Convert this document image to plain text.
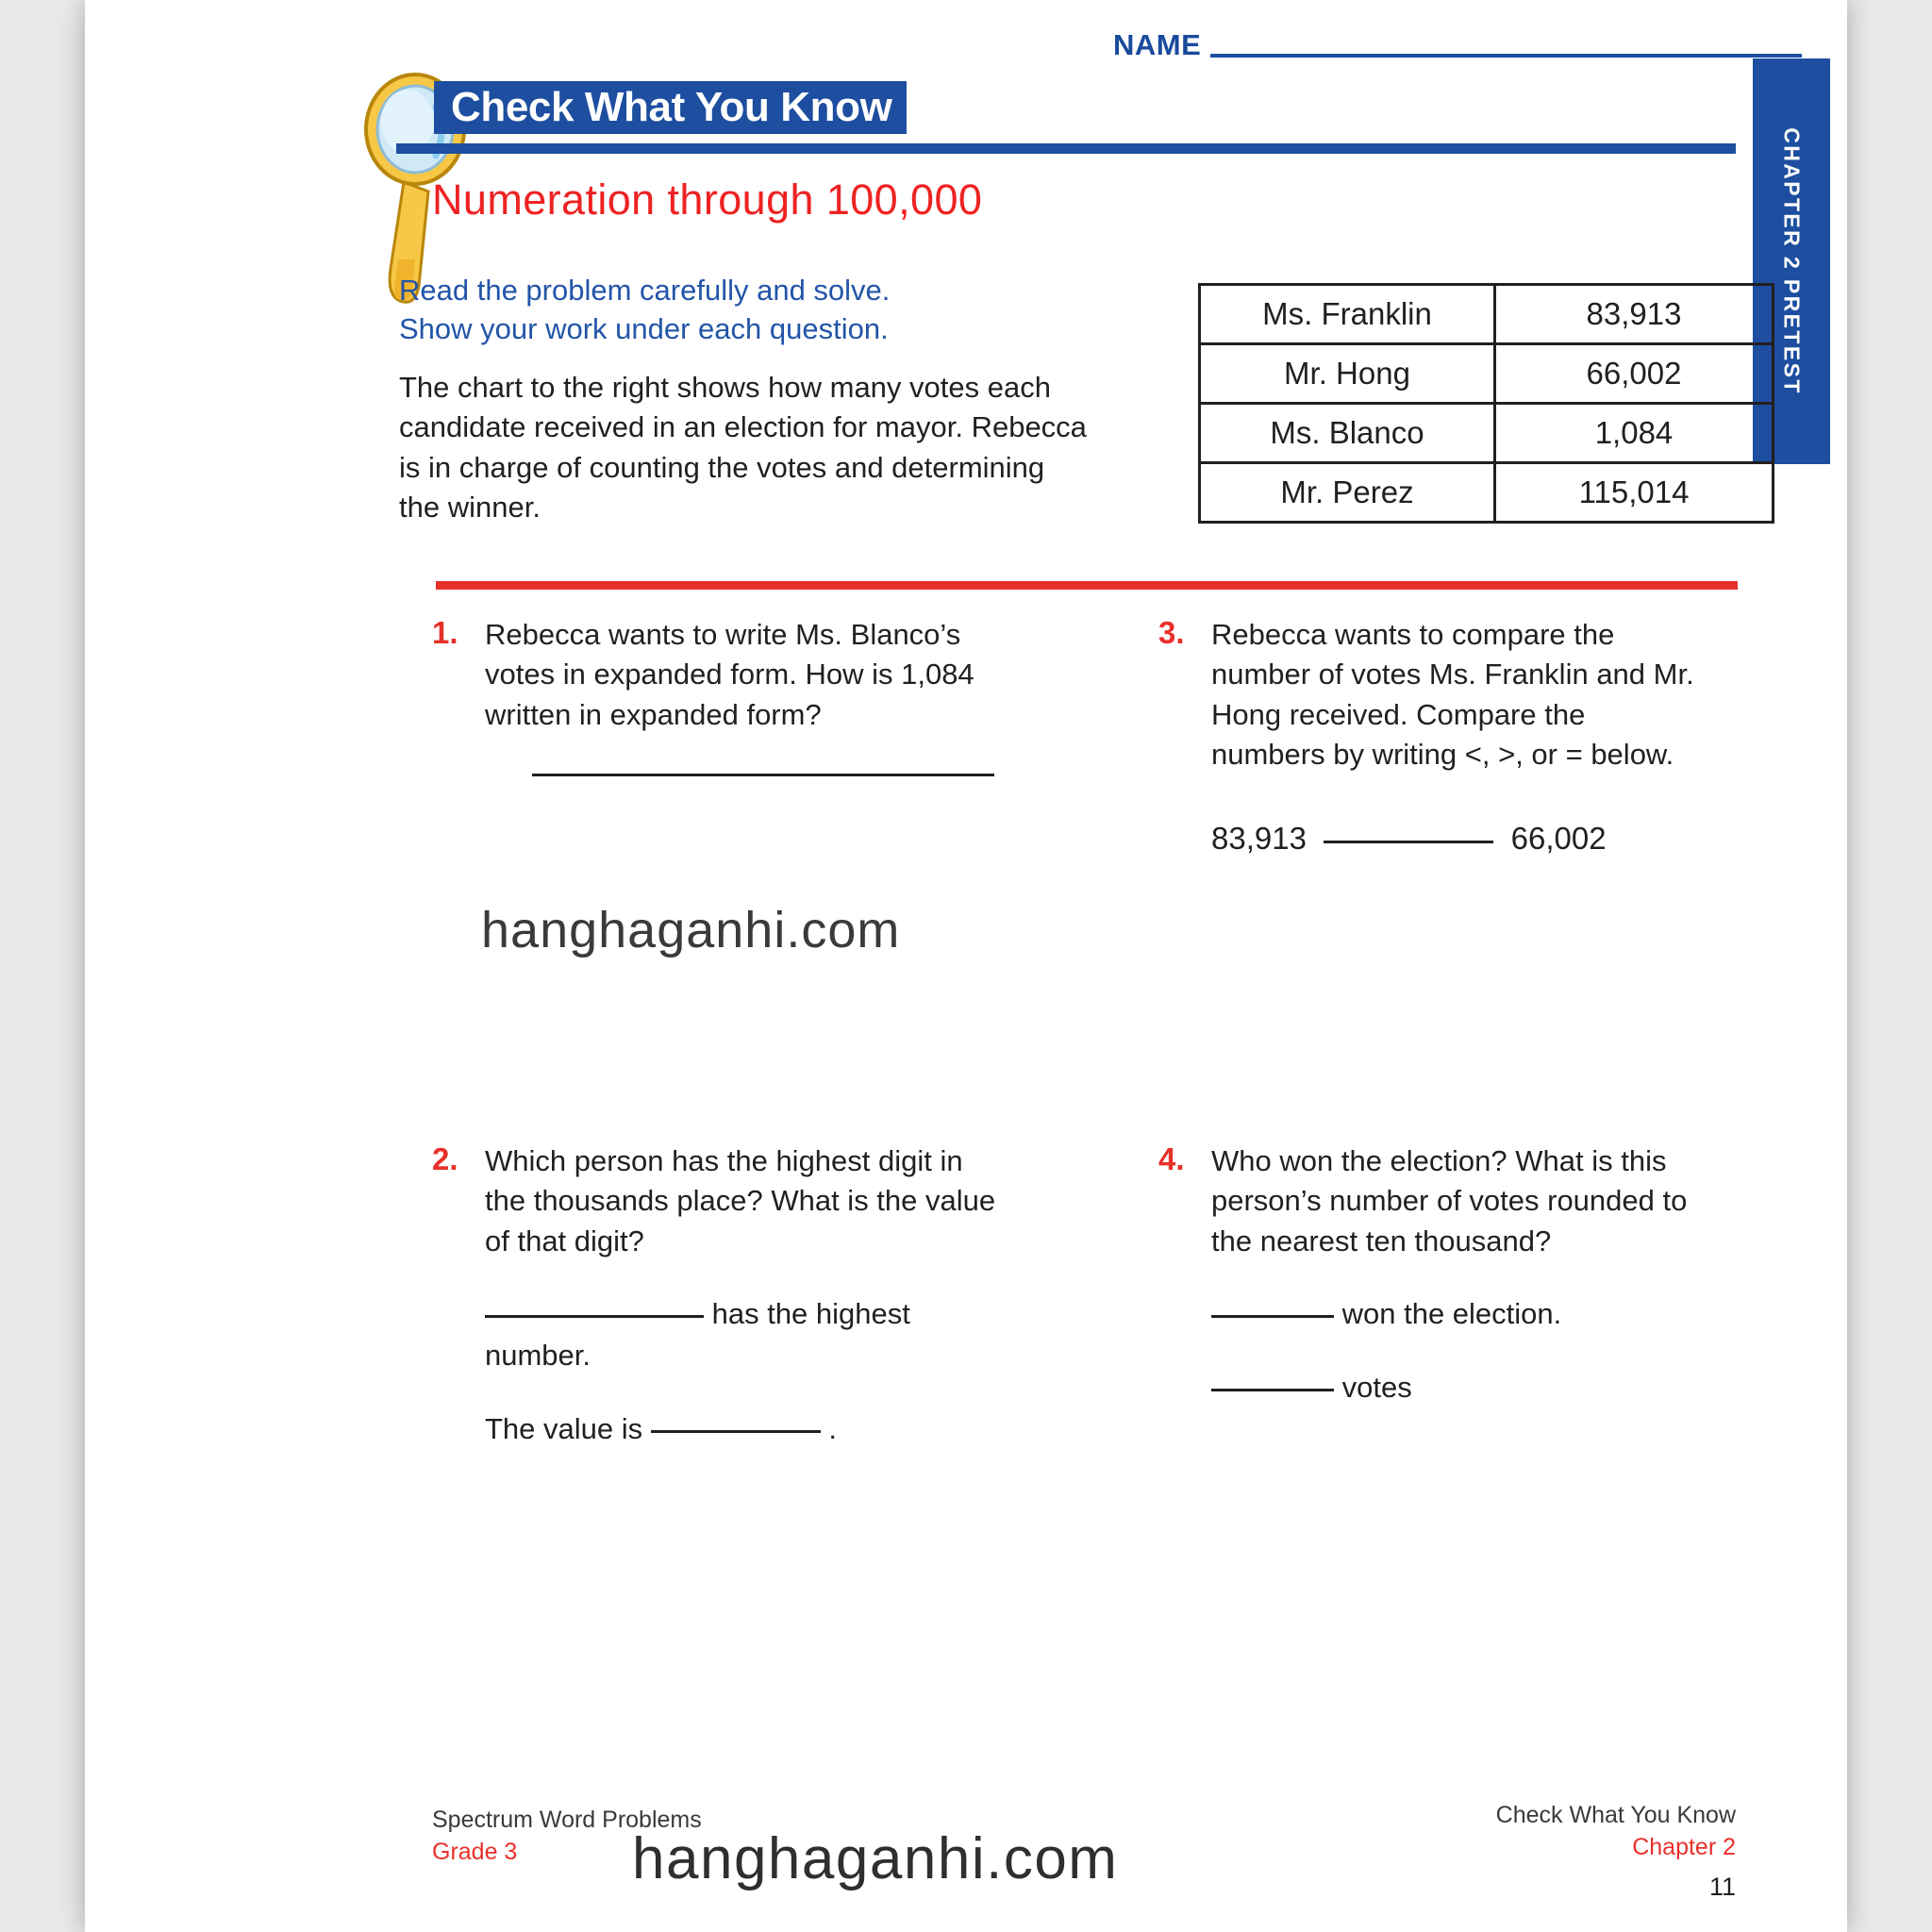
NAME
CHAPTER 2 PRETEST
Check What You Know
Numeration through 100,000
Read the problem carefully and solve.
Show your work under each question.
The chart to the right shows how many votes each candidate received in an election for mayor. Rebecca is in charge of counting the votes and determining the winner.
Ms. Franklin	83,913
Mr. Hong	66,002
Ms. Blanco	1,084
Mr. Perez	115,014
1. Rebecca wants to write Ms. Blanco’s votes in expanded form. How is 1,084 written in expanded form?
2. Which person has the highest digit in the thousands place? What is the value of that digit?
has the highest number.
The value is	.
3. Rebecca wants to compare the number of votes Ms. Franklin and Mr. Hong received. Compare the numbers by writing <, >, or = below.
83,913	66,002
4. Who won the election? What is this person’s number of votes rounded to the nearest ten thousand?
won the election.
votes
hanghaganhi.com
hanghaganhi.com
Spectrum Word Problems
Grade 3
Check What You Know
Chapter 2
11
